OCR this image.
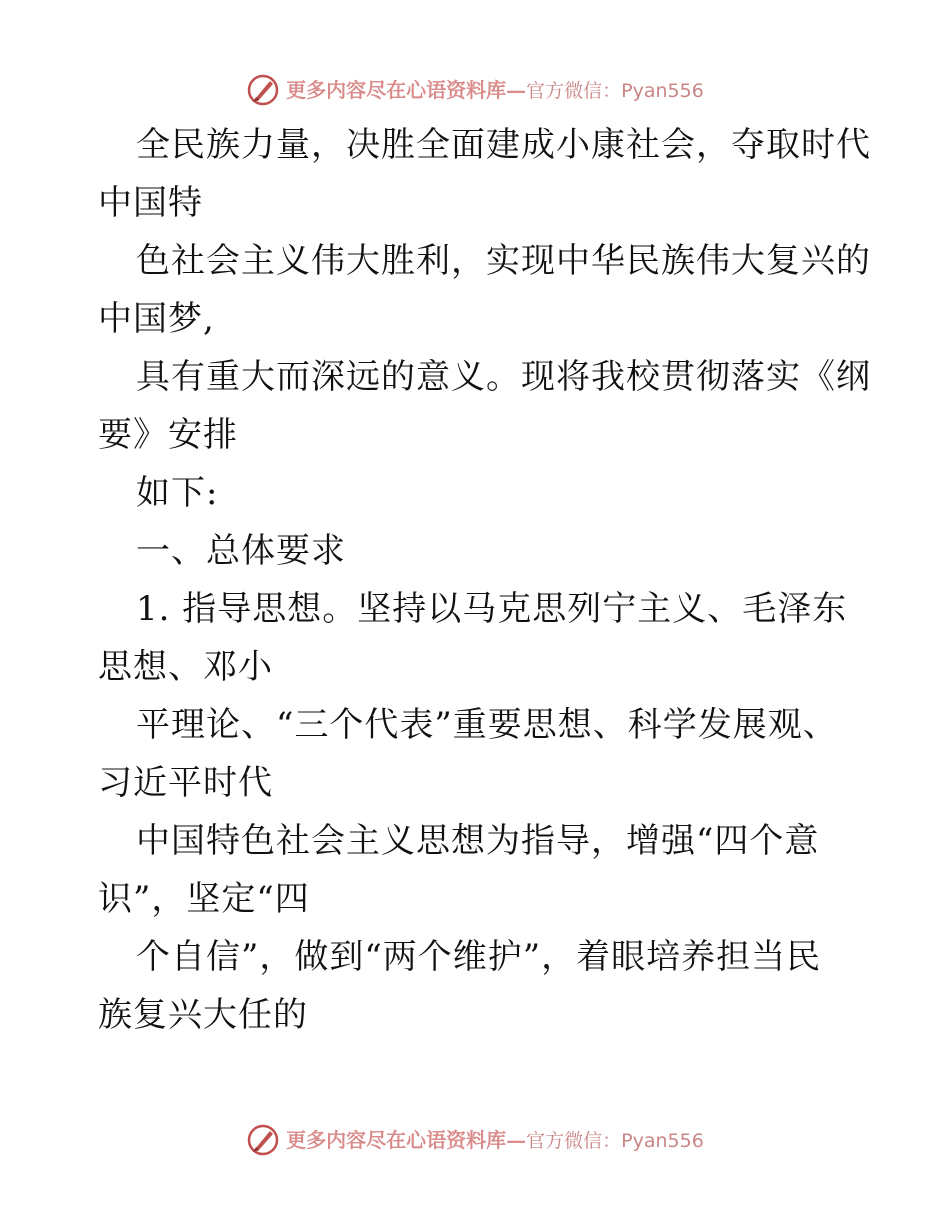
更多内容尽在心语资料库— 官方微信：Pyan556

全民族力量，决胜全面建成小康社会，夺取时代

中国特

色社会主义伟大胜利，实现中华民族伟大复兴的

中国梦,

具有重大而深远的意义。现将我校贯彻落实《纲

要》安排

如下:

一、总体要求

1. 指导思想。坚持以马克思列宁主义、毛泽东

思想、邓小

平理论、“三个代表”重要思想、科学发展观、

习近平时代

中国特色社会主义思想为指导，增强“四个意

识”，坚定“四

个自信”，做到“两个维护”，着眼培养担当民

族复兴大任的

更多内容尽在心语资料库— 官方微信：Pyan556
